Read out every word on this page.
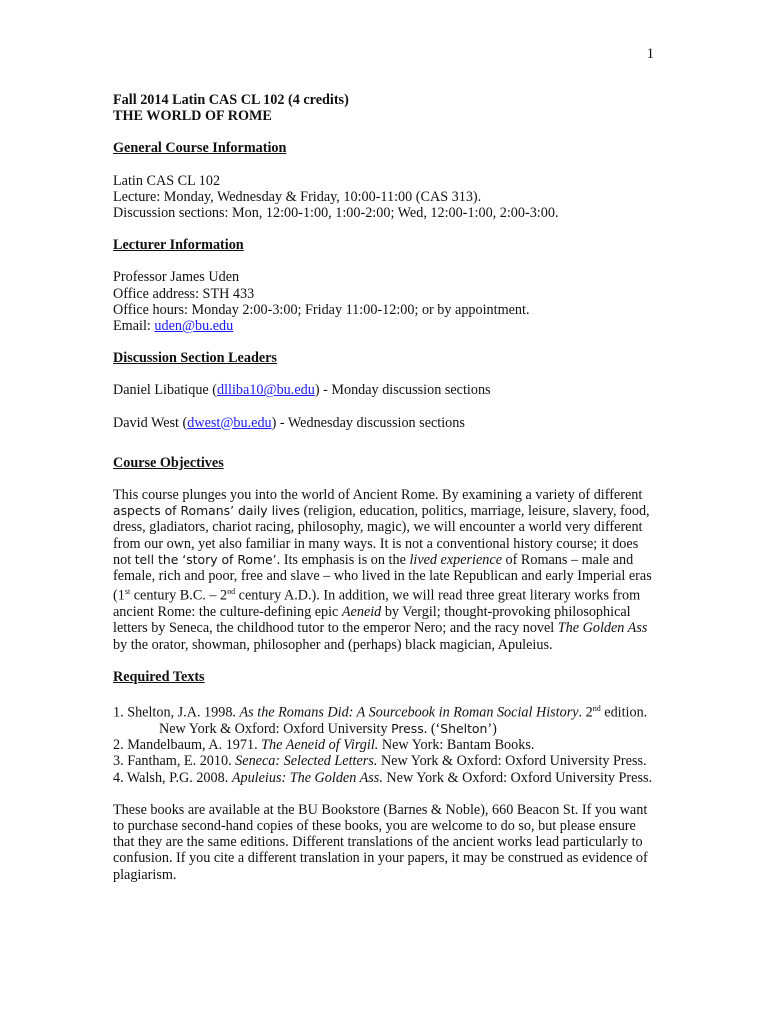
1

Fall 2014 Latin CAS CL 102 (4 credits)

THE WORLD OF ROME

General Course Information

Latin CAS CL 102

Lecture: Monday, Wednesday & Friday, 10:00-11:00 (CAS 313).

Discussion sections: Mon, 12:00-1:00, 1:00-2:00; Wed, 12:00-1:00, 2:00-3:00.

Lecturer Information

Professor James Uden

Office address: STH 433

Office hours: Monday 2:00-3:00; Friday 11:00-12:00; or by appointment.

Email: uden@bu.edu

Discussion Section Leaders

Daniel Libatique (dlliba10@bu.edu) - Monday discussion sections

David West (dwest@bu.edu) - Wednesday discussion sections

Course Objectives

This course plunges you into the world of Ancient Rome. By examining a variety of different aspects of Romans’ daily lives (religion, education, politics, marriage, leisure, slavery, food, dress, gladiators, chariot racing, philosophy, magic), we will encounter a world very different from our own, yet also familiar in many ways. It is not a conventional history course; it does not tell the ‘story of Rome’. Its emphasis is on the lived experience of Romans – male and female, rich and poor, free and slave – who lived in the late Republican and early Imperial eras (1st century B.C. – 2nd century A.D.). In addition, we will read three great literary works from ancient Rome: the culture-defining epic Aeneid by Vergil; thought-provoking philosophical letters by Seneca, the childhood tutor to the emperor Nero; and the racy novel The Golden Ass by the orator, showman, philosopher and (perhaps) black magician, Apuleius.

Required Texts

1. Shelton, J.A. 1998. As the Romans Did: A Sourcebook in Roman Social History. 2nd edition. New York & Oxford: Oxford University Press. (‘Shelton’)

2. Mandelbaum, A. 1971. The Aeneid of Virgil. New York: Bantam Books.

3. Fantham, E. 2010. Seneca: Selected Letters. New York & Oxford: Oxford University Press.

4. Walsh, P.G. 2008. Apuleius: The Golden Ass. New York & Oxford: Oxford University Press.

These books are available at the BU Bookstore (Barnes & Noble), 660 Beacon St. If you want to purchase second-hand copies of these books, you are welcome to do so, but please ensure that they are the same editions. Different translations of the ancient works lead particularly to confusion. If you cite a different translation in your papers, it may be construed as evidence of plagiarism.
